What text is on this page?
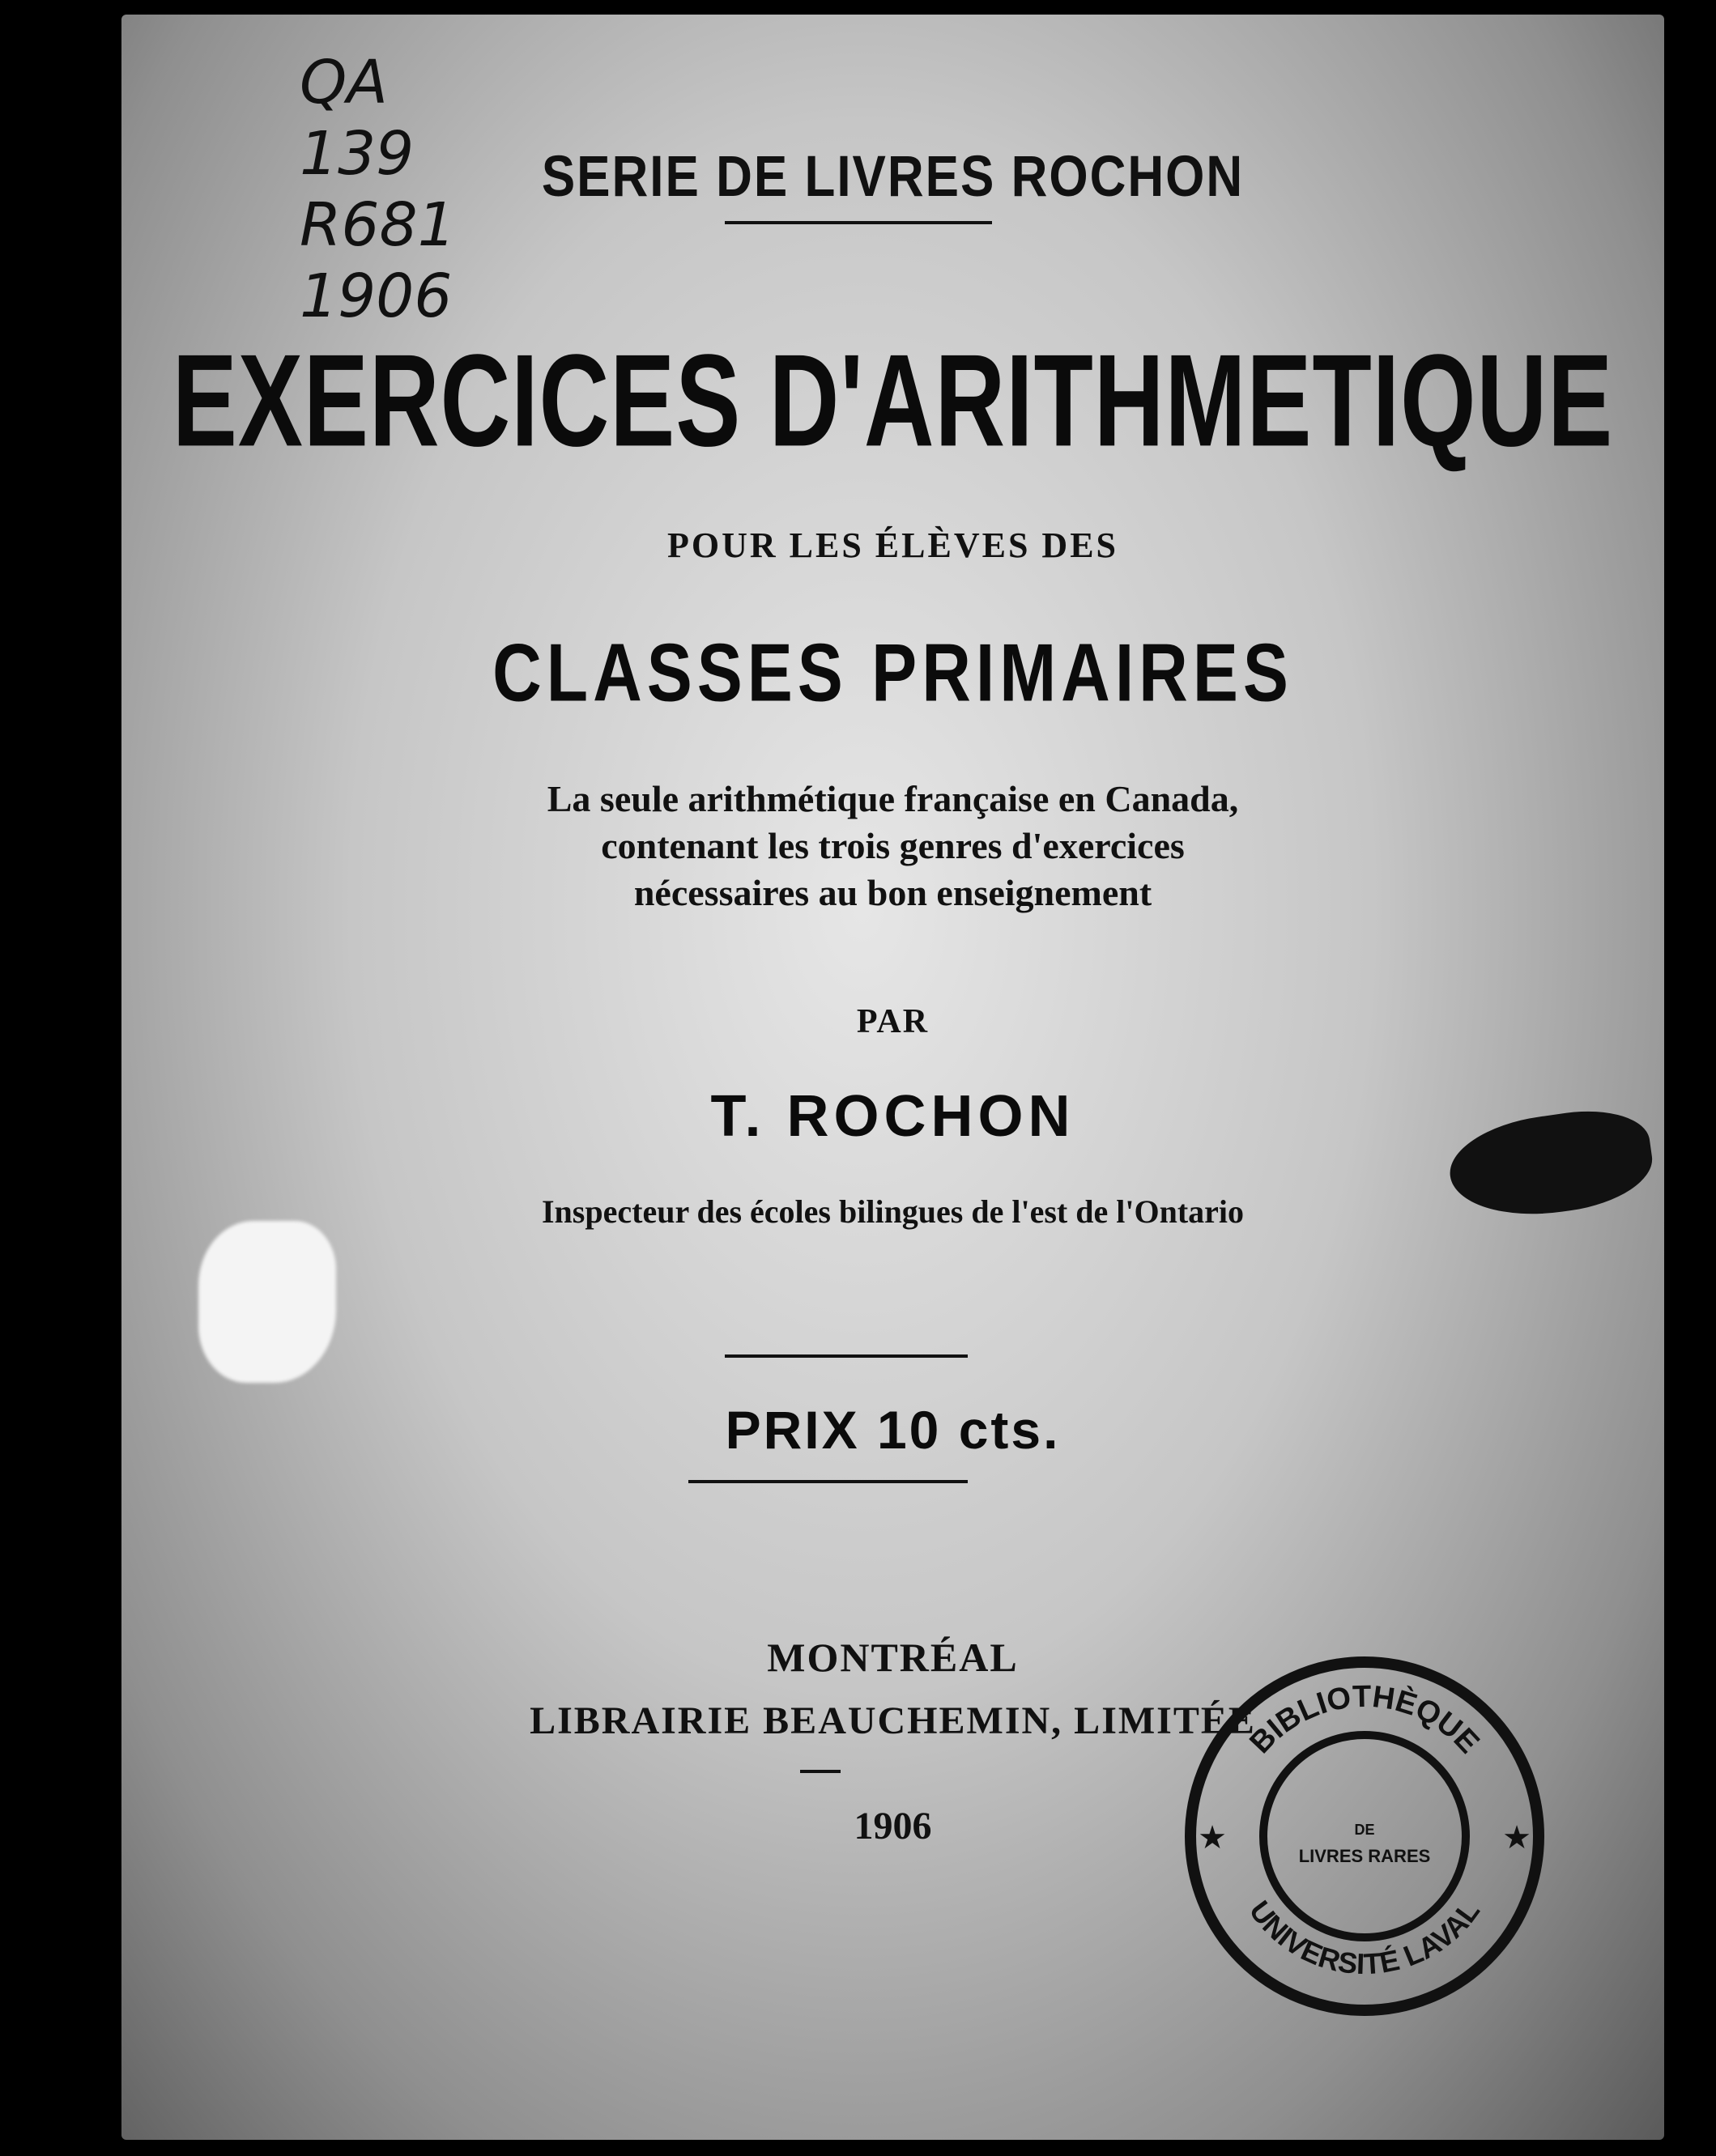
QA
139
R681
1906
SERIE DE LIVRES ROCHON
EXERCICES D'ARITHMETIQUE
POUR LES ÉLÈVES DES
CLASSES PRIMAIRES
La seule arithmétique française en Canada,
contenant les trois genres d'exercices
nécessaires au bon enseignement
PAR
T. ROCHON
Inspecteur des écoles bilingues de l'est de l'Ontario
PRIX 10 cts.
MONTRÉAL
LIBRAIRIE BEAUCHEMIN, LIMITÉE
1906
BIBLIOTHÈQUE
UNIVERSITÉ LAVAL
DE
LIVRES RARES
★	★
